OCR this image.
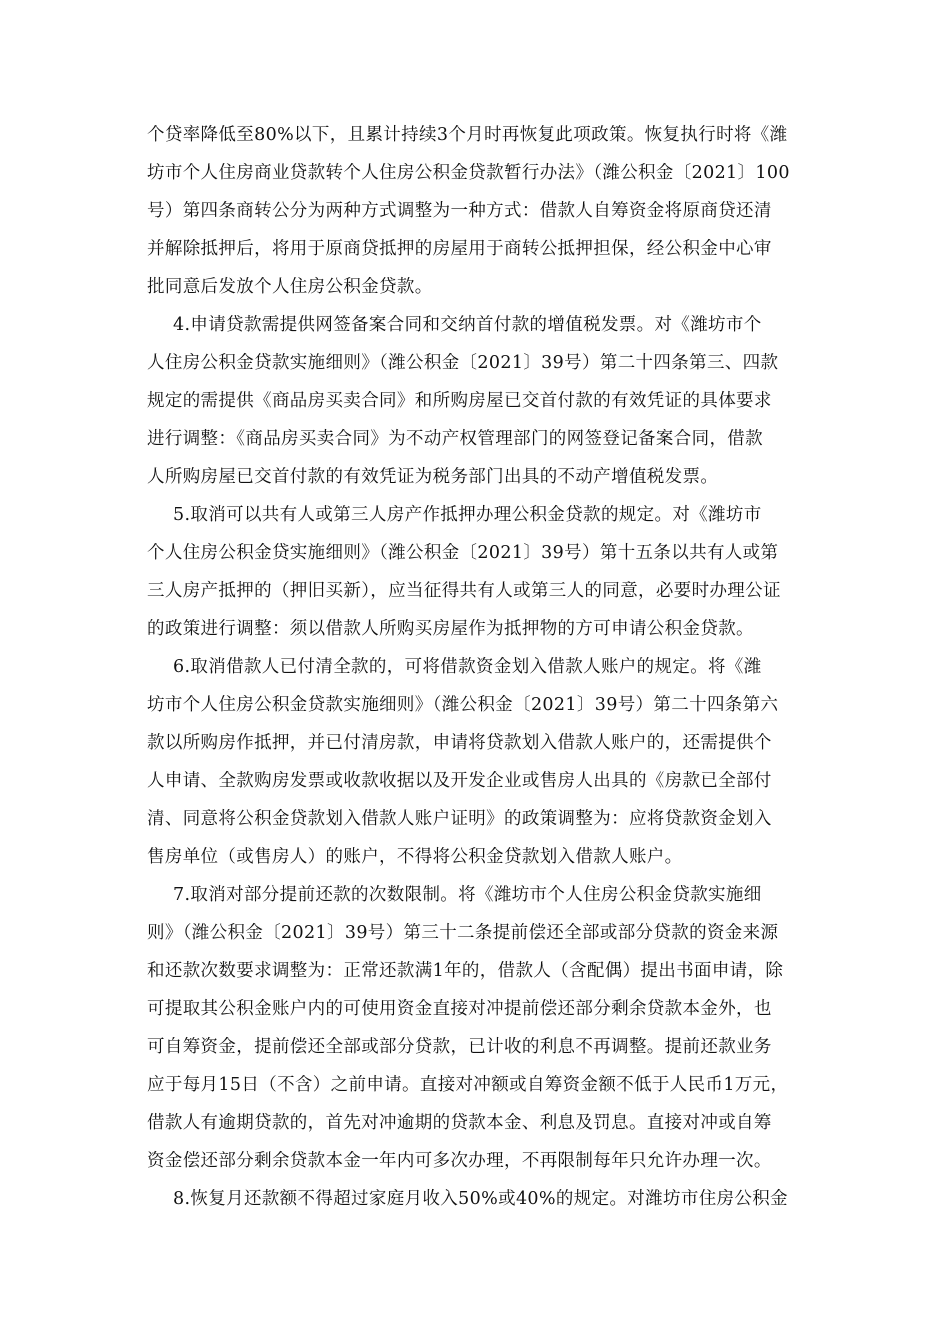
个贷率降低至80%以下，且累计持续3个月时再恢复此项政策。恢复执行时将《潍
坊市个人住房商业贷款转个人住房公积金贷款暂行办法》（潍公积金〔2021〕100
号）第四条商转公分为两种方式调整为一种方式：借款人自筹资金将原商贷还清
并解除抵押后，将用于原商贷抵押的房屋用于商转公抵押担保，经公积金中心审
批同意后发放个人住房公积金贷款。
4.申请贷款需提供网签备案合同和交纳首付款的增值税发票。对《潍坊市个
人住房公积金贷款实施细则》（潍公积金〔2021〕39号）第二十四条第三、四款
规定的需提供《商品房买卖合同》和所购房屋已交首付款的有效凭证的具体要求
进行调整：《商品房买卖合同》为不动产权管理部门的网签登记备案合同，借款
人所购房屋已交首付款的有效凭证为税务部门出具的不动产增值税发票。
5.取消可以共有人或第三人房产作抵押办理公积金贷款的规定。对《潍坊市
个人住房公积金贷实施细则》（潍公积金〔2021〕39号）第十五条以共有人或第
三人房产抵押的（押旧买新），应当征得共有人或第三人的同意，必要时办理公证
的政策进行调整：须以借款人所购买房屋作为抵押物的方可申请公积金贷款。
6.取消借款人已付清全款的，可将借款资金划入借款人账户的规定。将《潍
坊市个人住房公积金贷款实施细则》（潍公积金〔2021〕39号）第二十四条第六
款以所购房作抵押，并已付清房款，申请将贷款划入借款人账户的，还需提供个
人申请、全款购房发票或收款收据以及开发企业或售房人出具的《房款已全部付
清、同意将公积金贷款划入借款人账户证明》的政策调整为：应将贷款资金划入
售房单位（或售房人）的账户，不得将公积金贷款划入借款人账户。
7.取消对部分提前还款的次数限制。将《潍坊市个人住房公积金贷款实施细
则》（潍公积金〔2021〕39号）第三十二条提前偿还全部或部分贷款的资金来源
和还款次数要求调整为：正常还款满1年的，借款人（含配偶）提出书面申请，除
可提取其公积金账户内的可使用资金直接对冲提前偿还部分剩余贷款本金外，也
可自筹资金，提前偿还全部或部分贷款，已计收的利息不再调整。提前还款业务
应于每月15日（不含）之前申请。直接对冲额或自筹资金额不低于人民币1万元，
借款人有逾期贷款的，首先对冲逾期的贷款本金、利息及罚息。直接对冲或自筹
资金偿还部分剩余贷款本金一年内可多次办理，不再限制每年只允许办理一次。
8.恢复月还款额不得超过家庭月收入50%或40%的规定。对潍坊市住房公积金
